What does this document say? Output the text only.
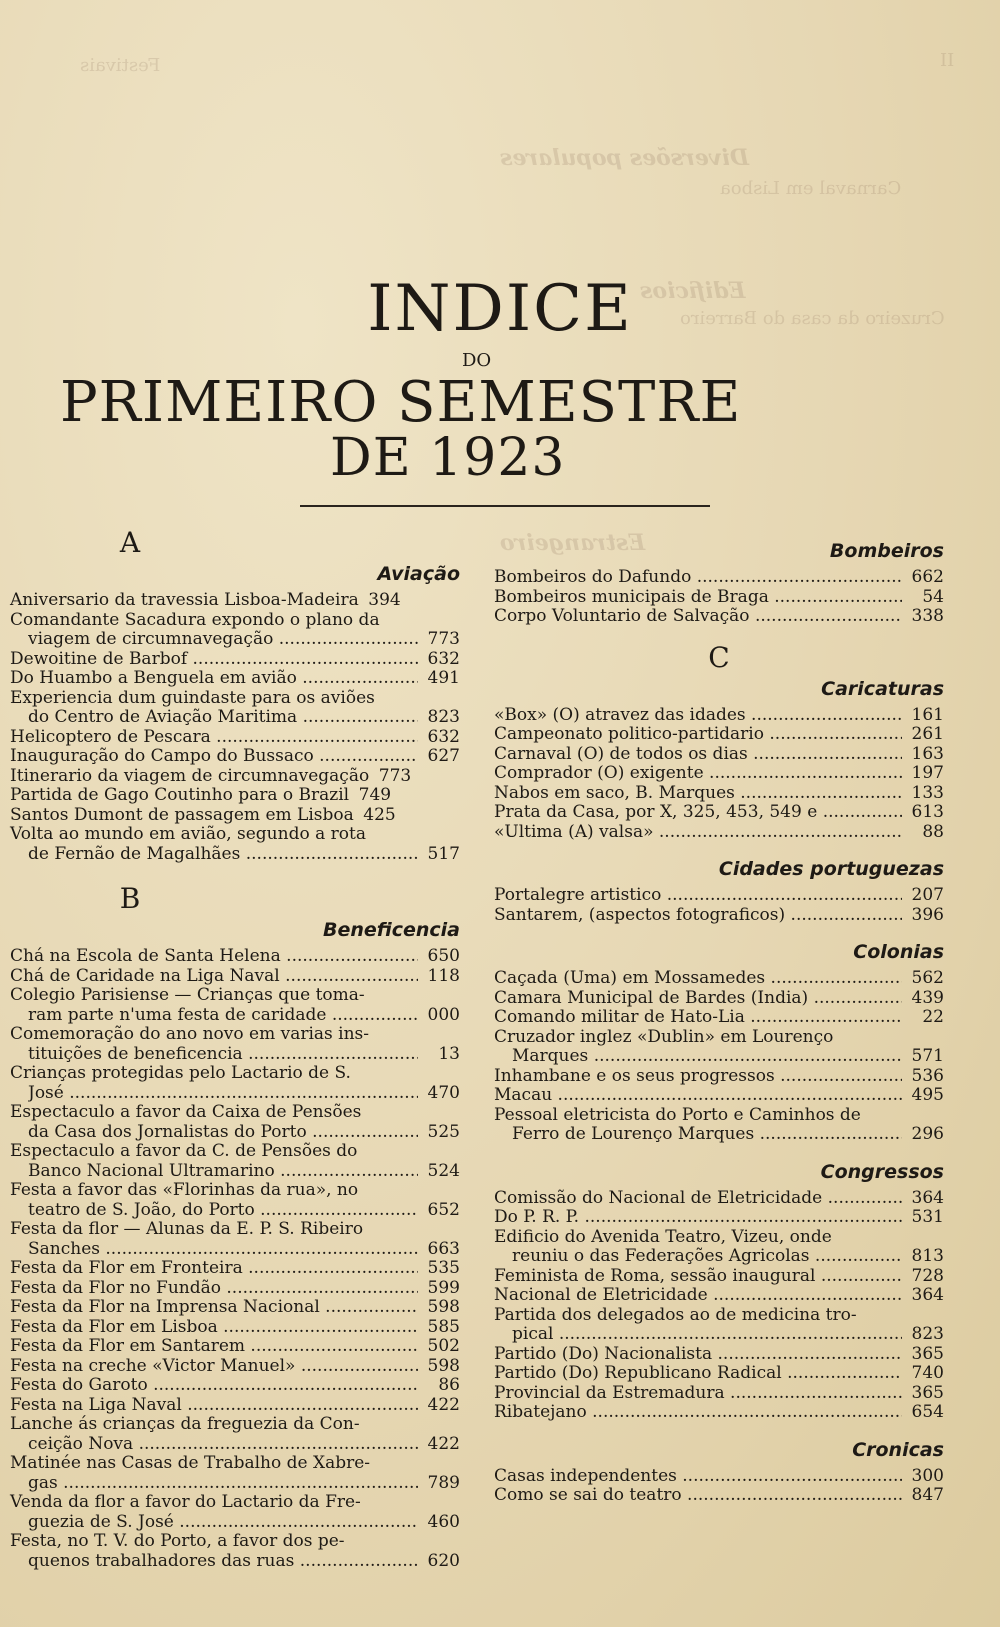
Diversões populares
Carnaval em Lisboa
Edificios
Cruzeiro da casa do Barreiro
Estrangeiro
Festivais	II
INDICE
DO
PRIMEIRO SEMESTRE
DE 1923
A
Aviação
Aniversario da travessia Lisboa-Madeira 394
Comandante Sacadura expondo o plano da
viagem de circumnavegação .....	773
Dewoitine de Barbof .....	632
Do Huambo a Benguela em avião .....	491
Experiencia dum guindaste para os aviões
do Centro de Aviação Maritima .....	823
Helicoptero de Pescara .....	632
Inauguração do Campo do Bussaco .....	627
Itinerario da viagem de circumnavegação 773
Partida de Gago Coutinho para o Brazil 749
Santos Dumont de passagem em Lisboa 425
Volta ao mundo em avião, segundo a rota
de Fernão de Magalhães .....	517
B
Beneficencia
Chá na Escola de Santa Helena .....	650
Chá de Caridade na Liga Naval .....	118
Colegio Parisiense — Crianças que toma-
ram parte n'uma festa de caridade .....	000
Comemoração do ano novo em varias ins-
tituições de beneficencia .....	13
Crianças protegidas pelo Lactario de S.
José .....	470
Espectaculo a favor da Caixa de Pensões
da Casa dos Jornalistas do Porto .....	525
Espectaculo a favor da C. de Pensões do
Banco Nacional Ultramarino .....	524
Festa a favor das «Florinhas da rua», no
teatro de S. João, do Porto .....	652
Festa da flor — Alunas da E. P. S. Ribeiro
Sanches .....	663
Festa da Flor em Fronteira .....	535
Festa da Flor no Fundão .....	599
Festa da Flor na Imprensa Nacional .....	598
Festa da Flor em Lisboa .....	585
Festa da Flor em Santarem .....	502
Festa na creche «Victor Manuel» .....	598
Festa do Garoto .....	86
Festa na Liga Naval .....	422
Lanche ás crianças da freguezia da Con-
ceição Nova .....	422
Matinée nas Casas de Trabalho de Xabre-
gas .....	789
Venda da flor a favor do Lactario da Fre-
guezia de S. José .....	460
Festa, no T. V. do Porto, a favor dos pe-
quenos trabalhadores das ruas .....	620
Bombeiros
Bombeiros do Dafundo .....	662
Bombeiros municipais de Braga .....	54
Corpo Voluntario de Salvação .....	338
C
Caricaturas
«Box» (O) atravez das idades .....	161
Campeonato politico-partidario .....	261
Carnaval (O) de todos os dias .....	163
Comprador (O) exigente .....	197
Nabos em saco, B. Marques .....	133
Prata da Casa, por X, 325, 453, 549 e .....	613
«Ultima (A) valsa» .....	88
Cidades portuguezas
Portalegre artistico .....	207
Santarem, (aspectos fotograficos) .....	396
Colonias
Caçada (Uma) em Mossamedes .....	562
Camara Municipal de Bardes (India) .....	439
Comando militar de Hato-Lia .....	22
Cruzador inglez «Dublin» em Lourenço
Marques .....	571
Inhambane e os seus progressos .....	536
Macau .....	495
Pessoal eletricista do Porto e Caminhos de
Ferro de Lourenço Marques .....	296
Congressos
Comissão do Nacional de Eletricidade .....	364
Do P. R. P. .....	531
Edificio do Avenida Teatro, Vizeu, onde
reuniu o das Federações Agricolas .....	813
Feminista de Roma, sessão inaugural .....	728
Nacional de Eletricidade .....	364
Partida dos delegados ao de medicina tro-
pical .....	823
Partido (Do) Nacionalista .....	365
Partido (Do) Republicano Radical .....	740
Provincial da Estremadura .....	365
Ribatejano .....	654
Cronicas
Casas independentes .....	300
Como se sai do teatro .....	847
